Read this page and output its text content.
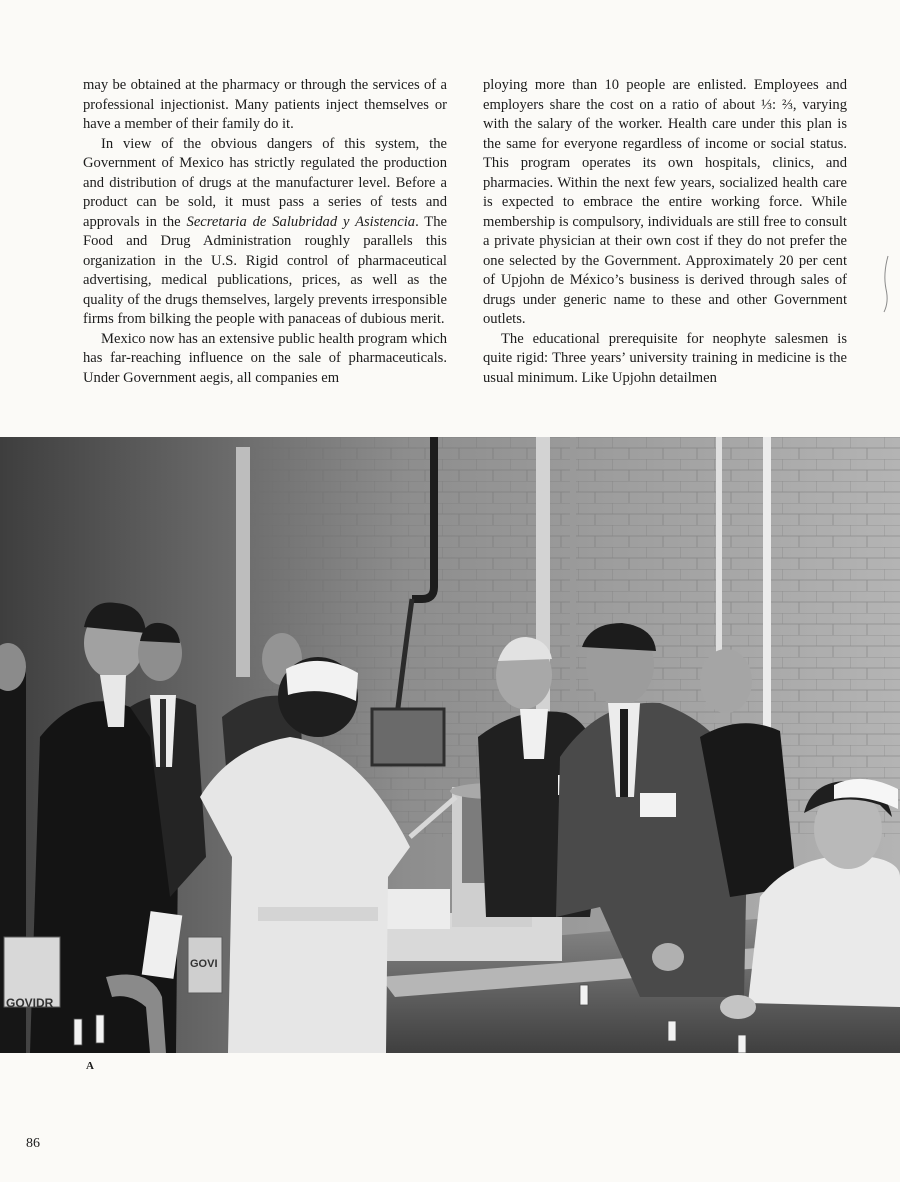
may be obtained at the pharmacy or through the services of a professional injectionist. Many patients inject themselves or have a member of their family do it.

In view of the obvious dangers of this system, the Government of Mexico has strictly regulated the production and distribution of drugs at the manufacturer level. Before a product can be sold, it must pass a series of tests and approvals in the Secretaria de Salubridad y Asistencia. The Food and Drug Administration roughly parallels this organization in the U.S. Rigid control of pharmaceutical advertising, medical publications, prices, as well as the quality of the drugs themselves, largely prevents irresponsible firms from bilking the people with panaceas of dubious merit.

Mexico now has an extensive public health program which has far-reaching influence on the sale of pharmaceuticals. Under Government aegis, all companies em

ploying more than 10 people are enlisted. Employees and employers share the cost on a ratio of about ⅓: ⅔, varying with the salary of the worker. Health care under this plan is the same for everyone regardless of income or social status. This program operates its own hospitals, clinics, and pharmacies. Within the next few years, socialized health care is expected to embrace the entire working force. While membership is compulsory, individuals are still free to consult a private physician at their own cost if they do not prefer the one selected by the Government. Approximately 20 per cent of Upjohn de México’s business is derived through sales of drugs under generic name to these and other Government outlets.

The educational prerequisite for neophyte salesmen is quite rigid: Three years’ university training in medicine is the usual minimum. Like Upjohn detailmen

GOVIDR
GOVI
A
86
